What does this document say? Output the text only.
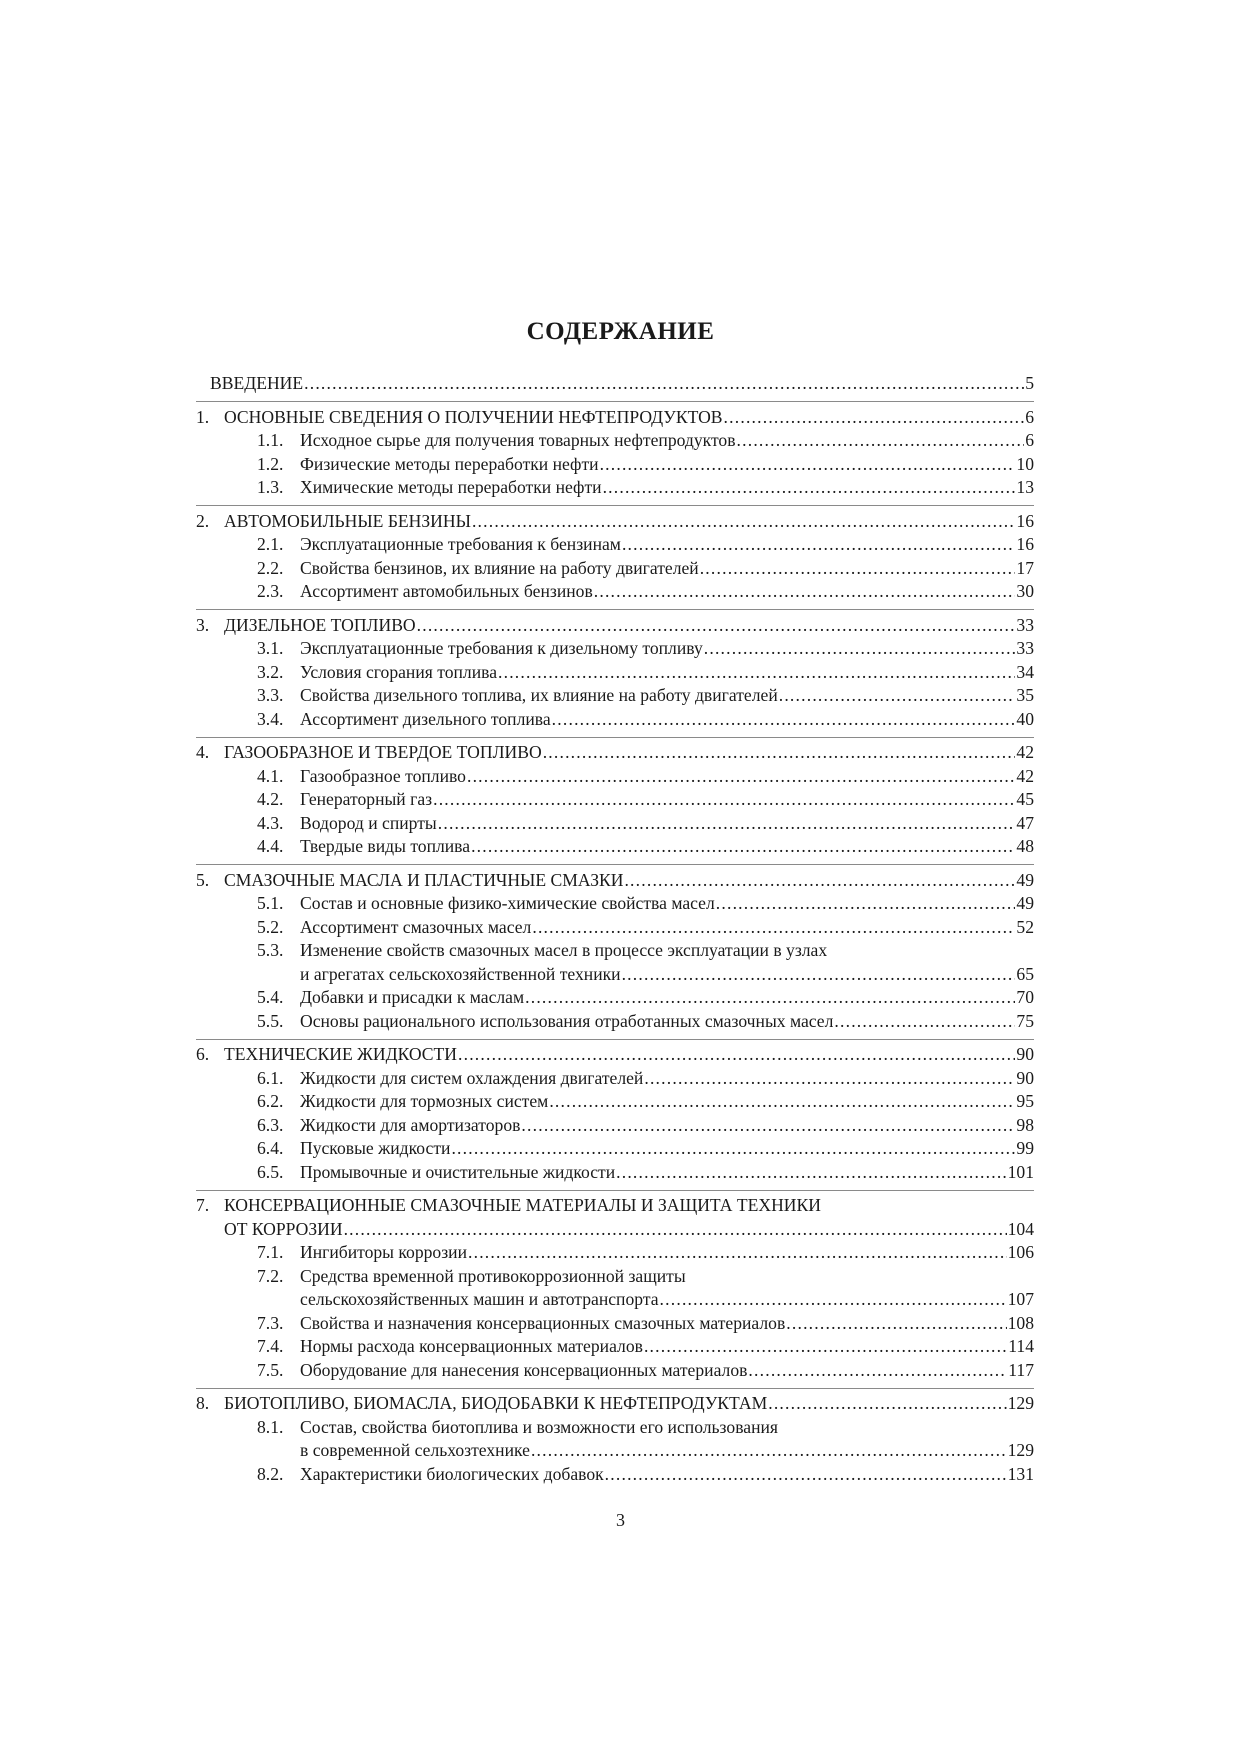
СОДЕРЖАНИЕ
ВВЕДЕНИЕ .....	5
1. ОСНОВНЫЕ СВЕДЕНИЯ О ПОЛУЧЕНИИ НЕФТЕПРОДУКТОВ .....	6
1.1. Исходное сырье для получения товарных нефтепродуктов .....	6
1.2. Физические методы переработки нефти .....	10
1.3. Химические методы переработки нефти .....	13
2. АВТОМОБИЛЬНЫЕ БЕНЗИНЫ .....	16
2.1. Эксплуатационные требования к бензинам .....	16
2.2. Свойства бензинов, их влияние на работу двигателей .....	17
2.3. Ассортимент автомобильных бензинов .....	30
3. ДИЗЕЛЬНОЕ ТОПЛИВО .....	33
3.1. Эксплуатационные требования к дизельному топливу .....	33
3.2. Условия сгорания топлива .....	34
3.3. Свойства дизельного топлива, их влияние на работу двигателей .....	35
3.4. Ассортимент дизельного топлива .....	40
4. ГАЗООБРАЗНОЕ И ТВЕРДОЕ ТОПЛИВО .....	42
4.1. Газообразное топливо .....	42
4.2. Генераторный газ .....	45
4.3. Водород и спирты .....	47
4.4. Твердые виды топлива .....	48
5. СМАЗОЧНЫЕ МАСЛА И ПЛАСТИЧНЫЕ СМАЗКИ .....	49
5.1. Состав и основные физико-химические свойства масел .....	49
5.2. Ассортимент смазочных масел .....	52
5.3. Изменение свойств смазочных масел в процессе эксплуатации в узлах
и агрегатах сельскохозяйственной техники .....	65
5.4. Добавки и присадки к маслам .....	70
5.5. Основы рационального использования отработанных смазочных масел .....	75
6. ТЕХНИЧЕСКИЕ ЖИДКОСТИ .....	90
6.1. Жидкости для систем охлаждения двигателей .....	90
6.2. Жидкости для тормозных систем .....	95
6.3. Жидкости для амортизаторов .....	98
6.4. Пусковые жидкости .....	99
6.5. Промывочные и очистительные жидкости .....	101
7. КОНСЕРВАЦИОННЫЕ СМАЗОЧНЫЕ МАТЕРИАЛЫ И ЗАЩИТА ТЕХНИКИ
ОТ КОРРОЗИИ .....	104
7.1. Ингибиторы коррозии .....	106
7.2. Средства временной противокоррозионной защиты
сельскохозяйственных машин и автотранспорта .....	107
7.3. Свойства и назначения консервационных смазочных материалов .....	108
7.4. Нормы расхода консервационных материалов .....	114
7.5. Оборудование для нанесения консервационных материалов .....	117
8. БИОТОПЛИВО, БИОМАСЛА, БИОДОБАВКИ К НЕФТЕПРОДУКТАМ .....	129
8.1. Состав, свойства биотоплива и возможности его использования
в современной сельхозтехнике .....	129
8.2. Характеристики биологических добавок .....	131
3
